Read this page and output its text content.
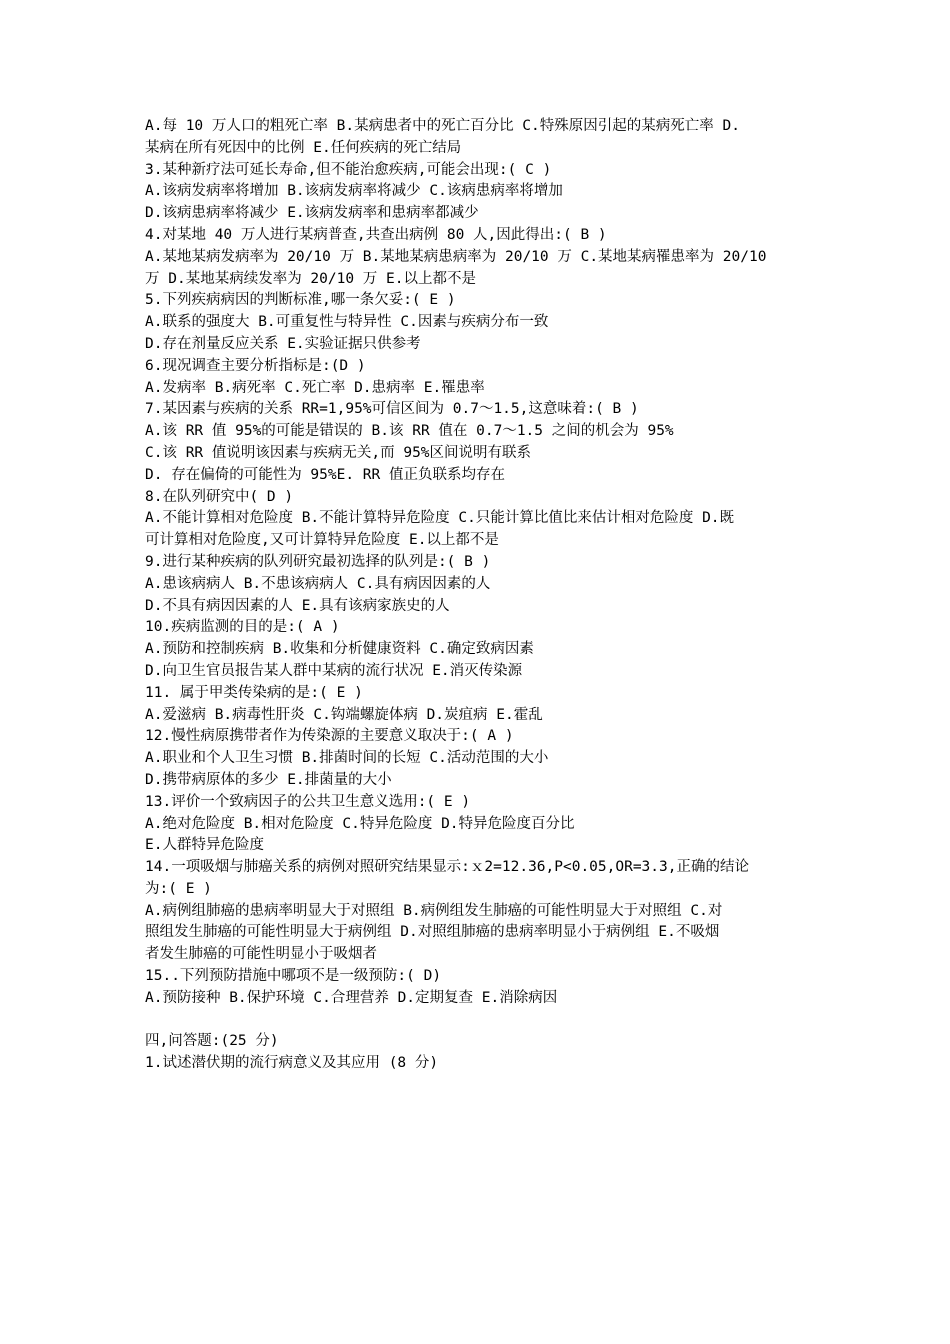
A.每 10 万人口的粗死亡率 B.某病患者中的死亡百分比 C.特殊原因引起的某病死亡率 D.
某病在所有死因中的比例 E.任何疾病的死亡结局
3.某种新疗法可延长寿命,但不能治愈疾病,可能会出现:( C )
A.该病发病率将增加 B.该病发病率将减少 C.该病患病率将增加
D.该病患病率将减少 E.该病发病率和患病率都减少
4.对某地 40 万人进行某病普查,共查出病例 80 人,因此得出:( B )
A.某地某病发病率为 20/10 万 B.某地某病患病率为 20/10 万 C.某地某病罹患率为 20/10
万 D.某地某病续发率为 20/10 万 E.以上都不是
5.下列疾病病因的判断标准,哪一条欠妥:( E )
A.联系的强度大 B.可重复性与特异性 C.因素与疾病分布一致
D.存在剂量反应关系 E.实验证据只供参考
6.现况调查主要分析指标是:(D )
A.发病率 B.病死率 C.死亡率 D.患病率 E.罹患率
7.某因素与疾病的关系 RR=1,95%可信区间为 0.7～1.5,这意味着:( B )
A.该 RR 值 95%的可能是错误的 B.该 RR 值在 0.7～1.5 之间的机会为 95%
C.该 RR 值说明该因素与疾病无关,而 95%区间说明有联系
D. 存在偏倚的可能性为 95%E. RR 值正负联系均存在
8.在队列研究中( D )
A.不能计算相对危险度 B.不能计算特异危险度 C.只能计算比值比来估计相对危险度 D.既
可计算相对危险度,又可计算特异危险度 E.以上都不是
9.进行某种疾病的队列研究最初选择的队列是:( B )
A.患该病病人 B.不患该病病人 C.具有病因因素的人
D.不具有病因因素的人 E.具有该病家族史的人
10.疾病监测的目的是:( A )
A.预防和控制疾病 B.收集和分析健康资料 C.确定致病因素
D.向卫生官员报告某人群中某病的流行状况 E.消灭传染源
11. 属于甲类传染病的是:( E )
A.爱滋病 B.病毒性肝炎 C.钩端螺旋体病 D.炭疽病 E.霍乱
12.慢性病原携带者作为传染源的主要意义取决于:( A )
A.职业和个人卫生习惯 B.排菌时间的长短 C.活动范围的大小
D.携带病原体的多少 E.排菌量的大小
13.评价一个致病因子的公共卫生意义选用:( E )
A.绝对危险度 B.相对危险度 C.特异危险度 D.特异危险度百分比
E.人群特异危险度
14.一项吸烟与肺癌关系的病例对照研究结果显示:ｘ2=12.36,P<0.05,OR=3.3,正确的结论
为:( E )
A.病例组肺癌的患病率明显大于对照组 B.病例组发生肺癌的可能性明显大于对照组 C.对
照组发生肺癌的可能性明显大于病例组 D.对照组肺癌的患病率明显小于病例组 E.不吸烟
者发生肺癌的可能性明显小于吸烟者
15..下列预防措施中哪项不是一级预防:( D)
A.预防接种 B.保护环境 C.合理营养 D.定期复查 E.消除病因
四,问答题:(25 分)
1.试述潜伏期的流行病意义及其应用 (8 分)
